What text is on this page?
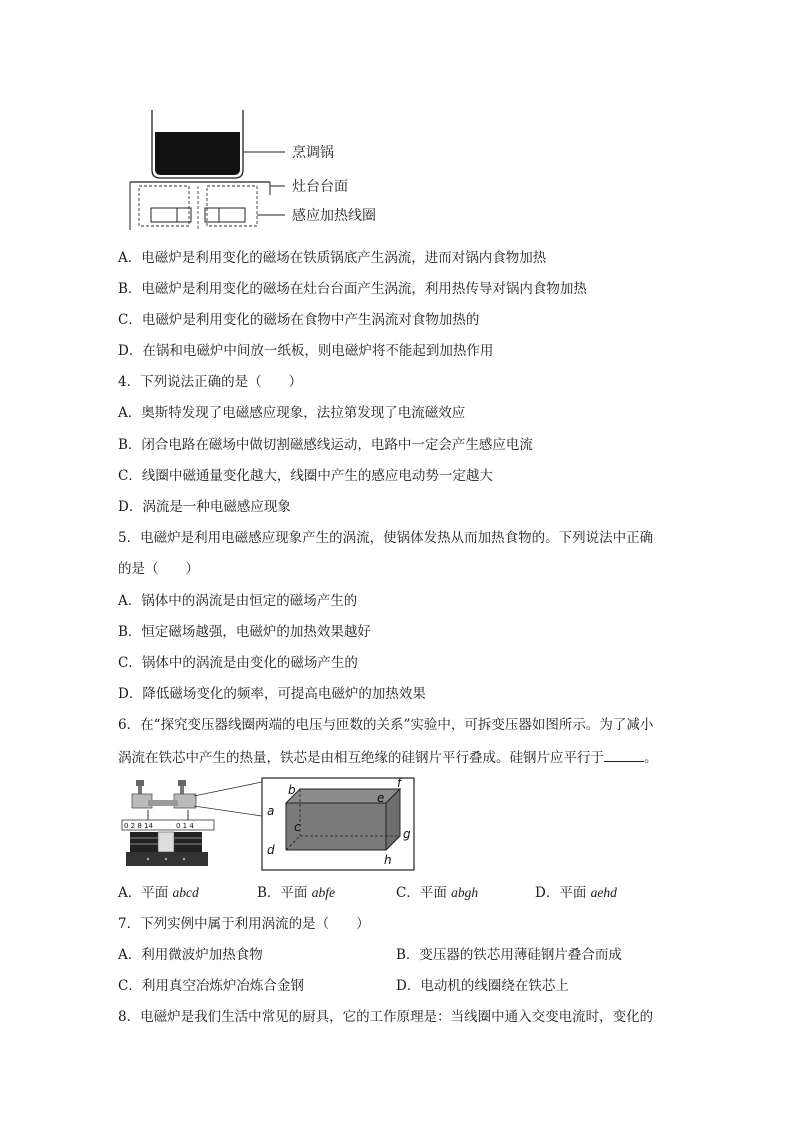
烹调锅
灶台台面
感应加热线圈
A．电磁炉是利用变化的磁场在铁质锅底产生涡流，进而对锅内食物加热
B．电磁炉是利用变化的磁场在灶台台面产生涡流，利用热传导对锅内食物加热
C．电磁炉是利用变化的磁场在食物中产生涡流对食物加热的
D．在锅和电磁炉中间放一纸板，则电磁炉将不能起到加热作用
4．下列说法正确的是（　　）
A．奥斯特发现了电磁感应现象，法拉第发现了电流磁效应
B．闭合电路在磁场中做切割磁感线运动，电路中一定会产生感应电流
C．线圈中磁通量变化越大，线圈中产生的感应电动势一定越大
D．涡流是一种电磁感应现象
5．电磁炉是利用电磁感应现象产生的涡流，使锅体发热从而加热食物的。下列说法中正确
的是（　　）
A．锅体中的涡流是由恒定的磁场产生的
B．恒定磁场越强，电磁炉的加热效果越好
C．锅体中的涡流是由变化的磁场产生的
D．降低磁场变化的频率，可提高电磁炉的加热效果
6．在“探究变压器线圈两端的电压与匝数的关系”实验中，可拆变压器如图所示。为了减小
涡流在铁芯中产生的热量，铁芯是由相互绝缘的硅钢片平行叠成。硅钢片应平行于	。
0 2 8 14	0 1 4
a
b
c
d
e
f
g
h
A．平面 abcd	B．平面 abfe	C．平面 abgh	D．平面 aehd
7．下列实例中属于利用涡流的是（　　）
A．利用微波炉加热食物	B．变压器的铁芯用薄硅钢片叠合而成
C．利用真空冶炼炉冶炼合金钢	D．电动机的线圈绕在铁芯上
8．电磁炉是我们生活中常见的厨具，它的工作原理是：当线圈中通入交变电流时，变化的
